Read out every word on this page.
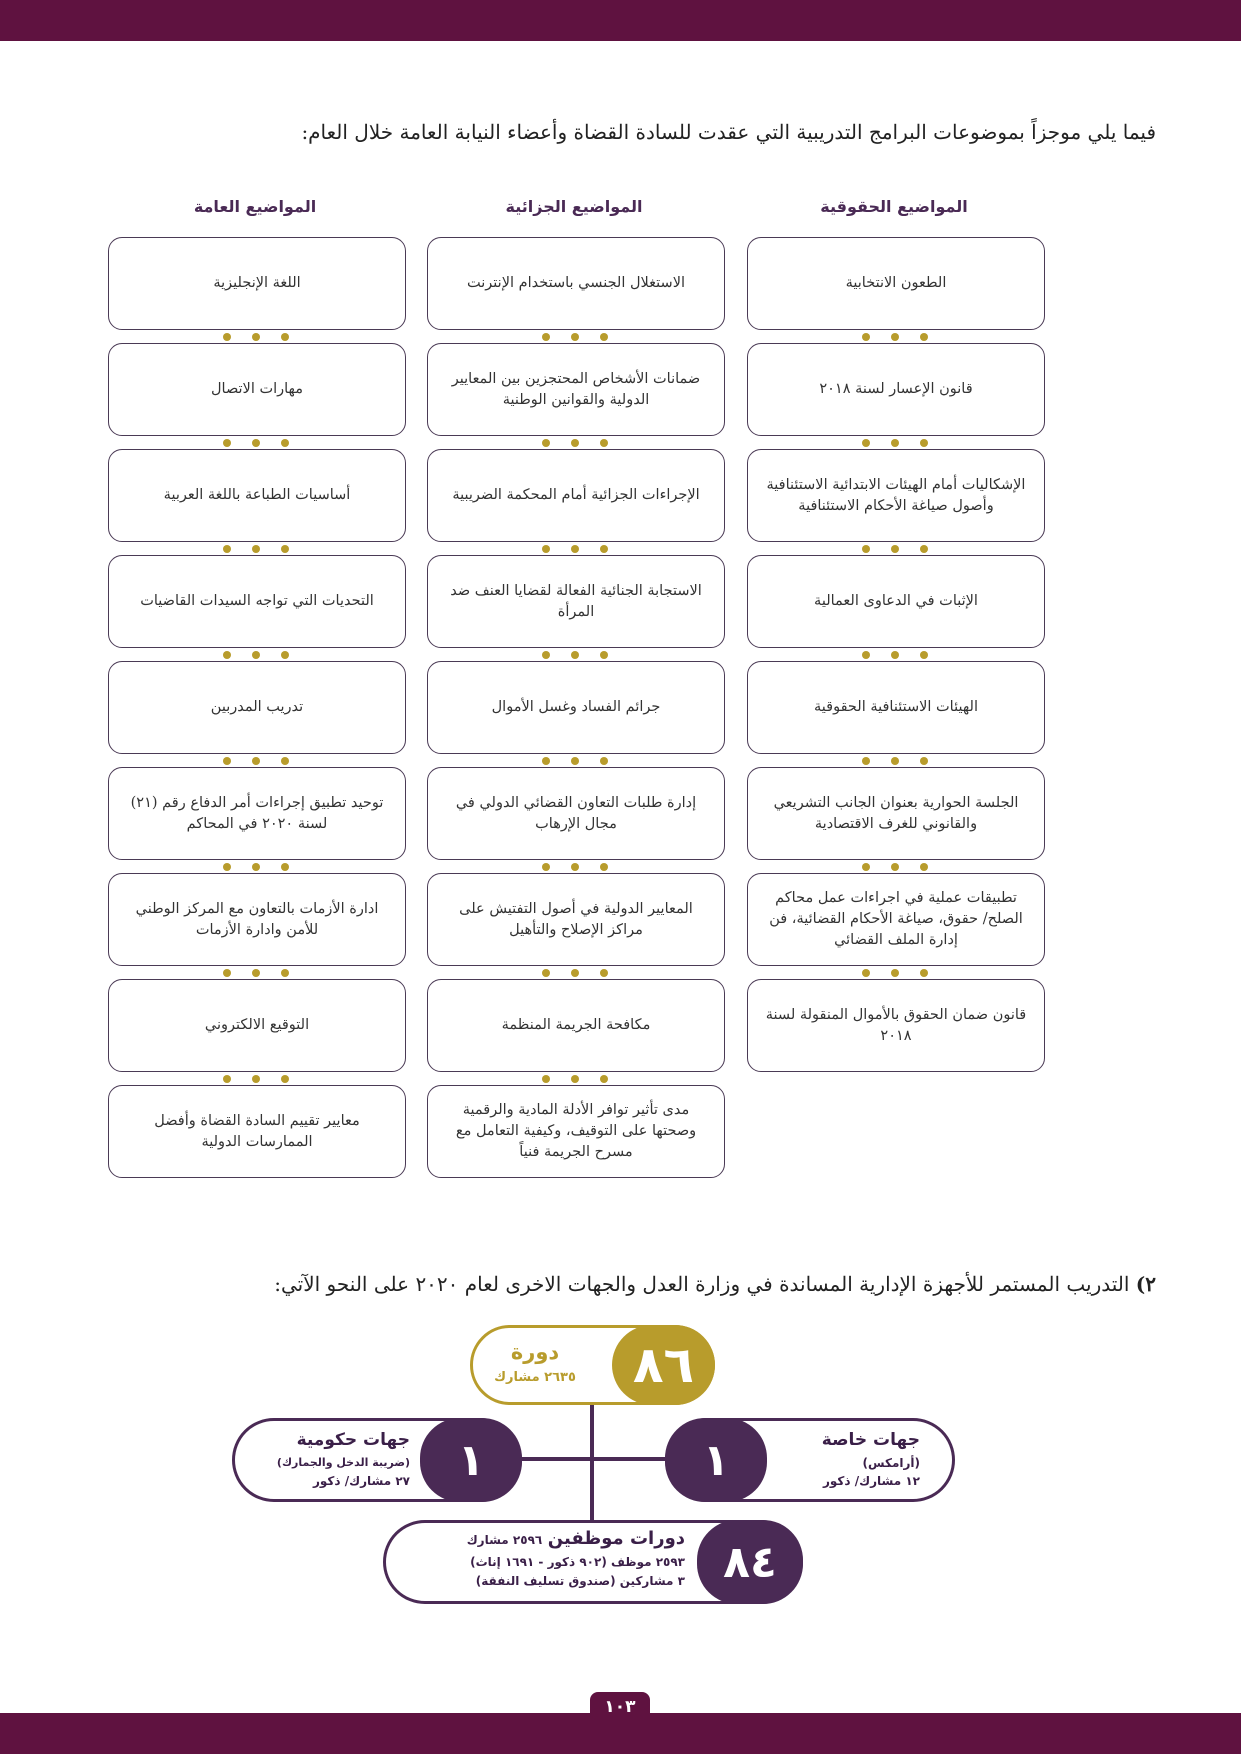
فيما يلي موجزاً بموضوعات البرامج التدريبية التي عقدت للسادة القضاة وأعضاء النيابة العامة خلال العام:

المواضيع الحقوقية
المواضيع الجزائية
المواضيع العامة
الطعون الانتخابية
قانون الإعسار لسنة ٢٠١٨
الإشكاليات أمام الهيئات الابتدائية الاستئنافية وأصول صياغة الأحكام الاستئنافية
الإثبات في الدعاوى العمالية
الهيئات الاستئنافية الحقوقية
الجلسة الحوارية بعنوان الجانب التشريعي والقانوني للغرف الاقتصادية
تطبيقات عملية في اجراءات عمل محاكم الصلح/ حقوق، صياغة الأحكام القضائية، فن إدارة الملف القضائي
قانون ضمان الحقوق بالأموال المنقولة لسنة ٢٠١٨
الاستغلال الجنسي باستخدام الإنترنت
ضمانات الأشخاص المحتجزين بين المعايير الدولية والقوانين الوطنية
الإجراءات الجزائية أمام المحكمة الضريبية
الاستجابة الجنائية الفعالة لقضايا العنف ضد المرأة
جرائم الفساد وغسل الأموال
إدارة طلبات التعاون القضائي الدولي في مجال الإرهاب
المعايير الدولية في أصول التفتيش على مراكز الإصلاح والتأهيل
مكافحة الجريمة المنظمة
مدى تأثير توافر الأدلة المادية والرقمية وصحتها على التوقيف، وكيفية التعامل مع مسرح الجريمة فنياً
اللغة الإنجليزية
مهارات الاتصال
أساسيات الطباعة باللغة العربية
التحديات التي تواجه السيدات القاضيات
تدريب المدربين
توحيد تطبيق إجراءات أمر الدفاع رقم (٢١) لسنة ٢٠٢٠ في المحاكم
ادارة الأزمات بالتعاون مع المركز الوطني للأمن وادارة الأزمات
التوقيع الالكتروني
معايير تقييم السادة القضاة وأفضل الممارسات الدولية

٢) التدريب المستمر للأجهزة الإدارية المساندة في وزارة العدل والجهات الاخرى لعام ٢٠٢٠ على النحو الآتي:

٨٦
دورة
٢٦٣٥ مشارك
١	جهات خاصة
(أرامكس)
١٢ مشارك/ ذكور
١
جهات حكومية
(ضريبة الدخل والجمارك)
٢٧ مشارك/ ذكور
٨٤
دورات موظفين ٢٥٩٦ مشارك
٢٥٩٣ موظف (٩٠٢ ذكور - ١٦٩١ إناث)
٣ مشاركين (صندوق تسليف النفقة)
١٠٣
